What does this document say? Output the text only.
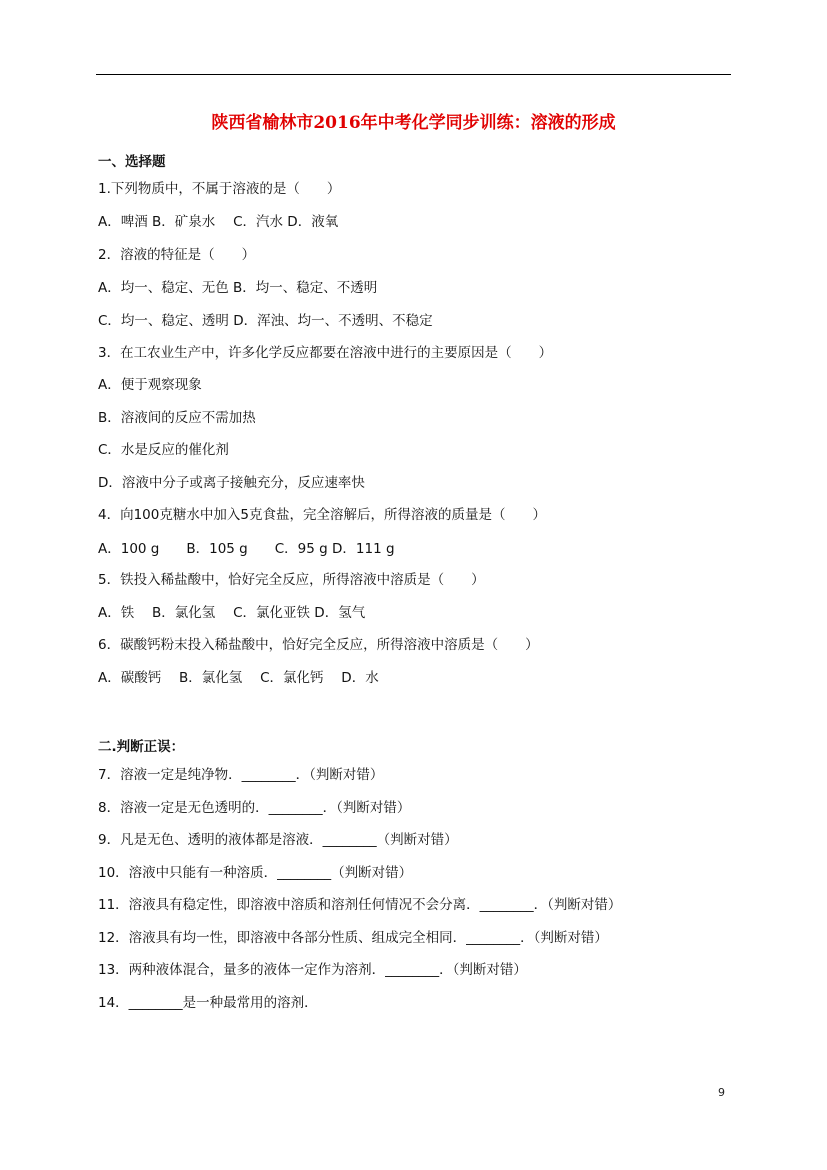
陕西省榆林市2016年中考化学同步训练：溶液的形成
一、选择题
1.下列物质中，不属于溶液的是（　　）
A．啤酒 B．矿泉水　 C．汽水 D．液氧
2．溶液的特征是（　　）
A．均一、稳定、无色 B．均一、稳定、不透明
C．均一、稳定、透明 D．浑浊、均一、不透明、不稳定
3．在工农业生产中，许多化学反应都要在溶液中进行的主要原因是（　　）
A．便于观察现象
B．溶液间的反应不需加热
C．水是反应的催化剂
D．溶液中分子或离子接触充分，反应速率快
4．向100克糖水中加入5克食盐，完全溶解后，所得溶液的质量是（　　）
A．100 g　　B．105 g　　C．95 g D．111 g
5．铁投入稀盐酸中，恰好完全反应，所得溶液中溶质是（　　）
A．铁　 B．氯化氢　 C．氯化亚铁 D．氢气
6．碳酸钙粉末投入稀盐酸中，恰好完全反应，所得溶液中溶质是（　　）
A．碳酸钙　 B．氯化氢　 C．氯化钙　 D．水
二.判断正误：
7．溶液一定是纯净物．________．（判断对错）
8．溶液一定是无色透明的．________．（判断对错）
9．凡是无色、透明的液体都是溶液．________（判断对错）
10．溶液中只能有一种溶质．________（判断对错）
11．溶液具有稳定性，即溶液中溶质和溶剂任何情况不会分离．________．（判断对错）
12．溶液具有均一性，即溶液中各部分性质、组成完全相同．________．（判断对错）
13．两种液体混合，量多的液体一定作为溶剂．________．（判断对错）
14．________是一种最常用的溶剂．
9
